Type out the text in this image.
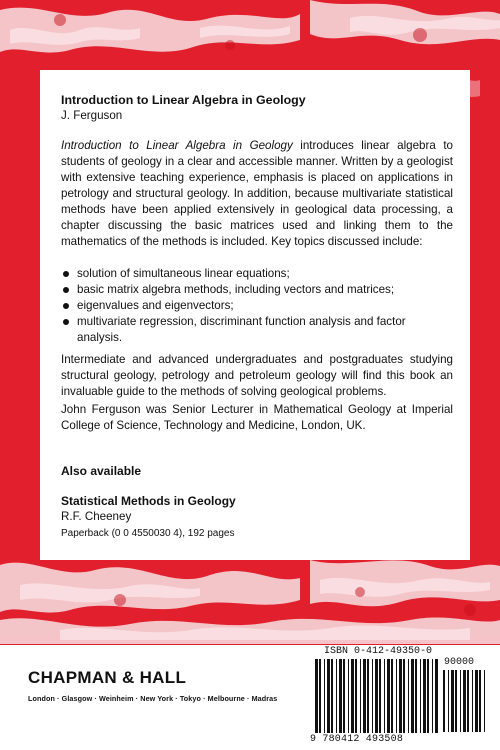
Introduction to Linear Algebra in Geology
J. Ferguson
Introduction to Linear Algebra in Geology introduces linear algebra to students of geology in a clear and accessible manner. Written by a geologist with extensive teaching experience, emphasis is placed on applications in petrology and structural geology. In addition, because multivariate statistical methods have been applied extensively in geological data processing, a chapter discussing the basic matrices used and linking them to the mathematics of the methods is included. Key topics discussed include:
solution of simultaneous linear equations;
basic matrix algebra methods, including vectors and matrices;
eigenvalues and eigenvectors;
multivariate regression, discriminant function analysis and factor analysis.
Intermediate and advanced undergraduates and postgraduates studying structural geology, petrology and petroleum geology will find this book an invaluable guide to the methods of solving geological problems.
John Ferguson was Senior Lecturer in Mathematical Geology at Imperial College of Science, Technology and Medicine, London, UK.
Also available
Statistical Methods in Geology
R.F. Cheeney
Paperback (0 0 4550030 4), 192 pages
CHAPMAN & HALL
London · Glasgow · Weinheim · New York · Tokyo · Melbourne · Madras
ISBN 0-412-49350-0
90000
9 780412 493508
